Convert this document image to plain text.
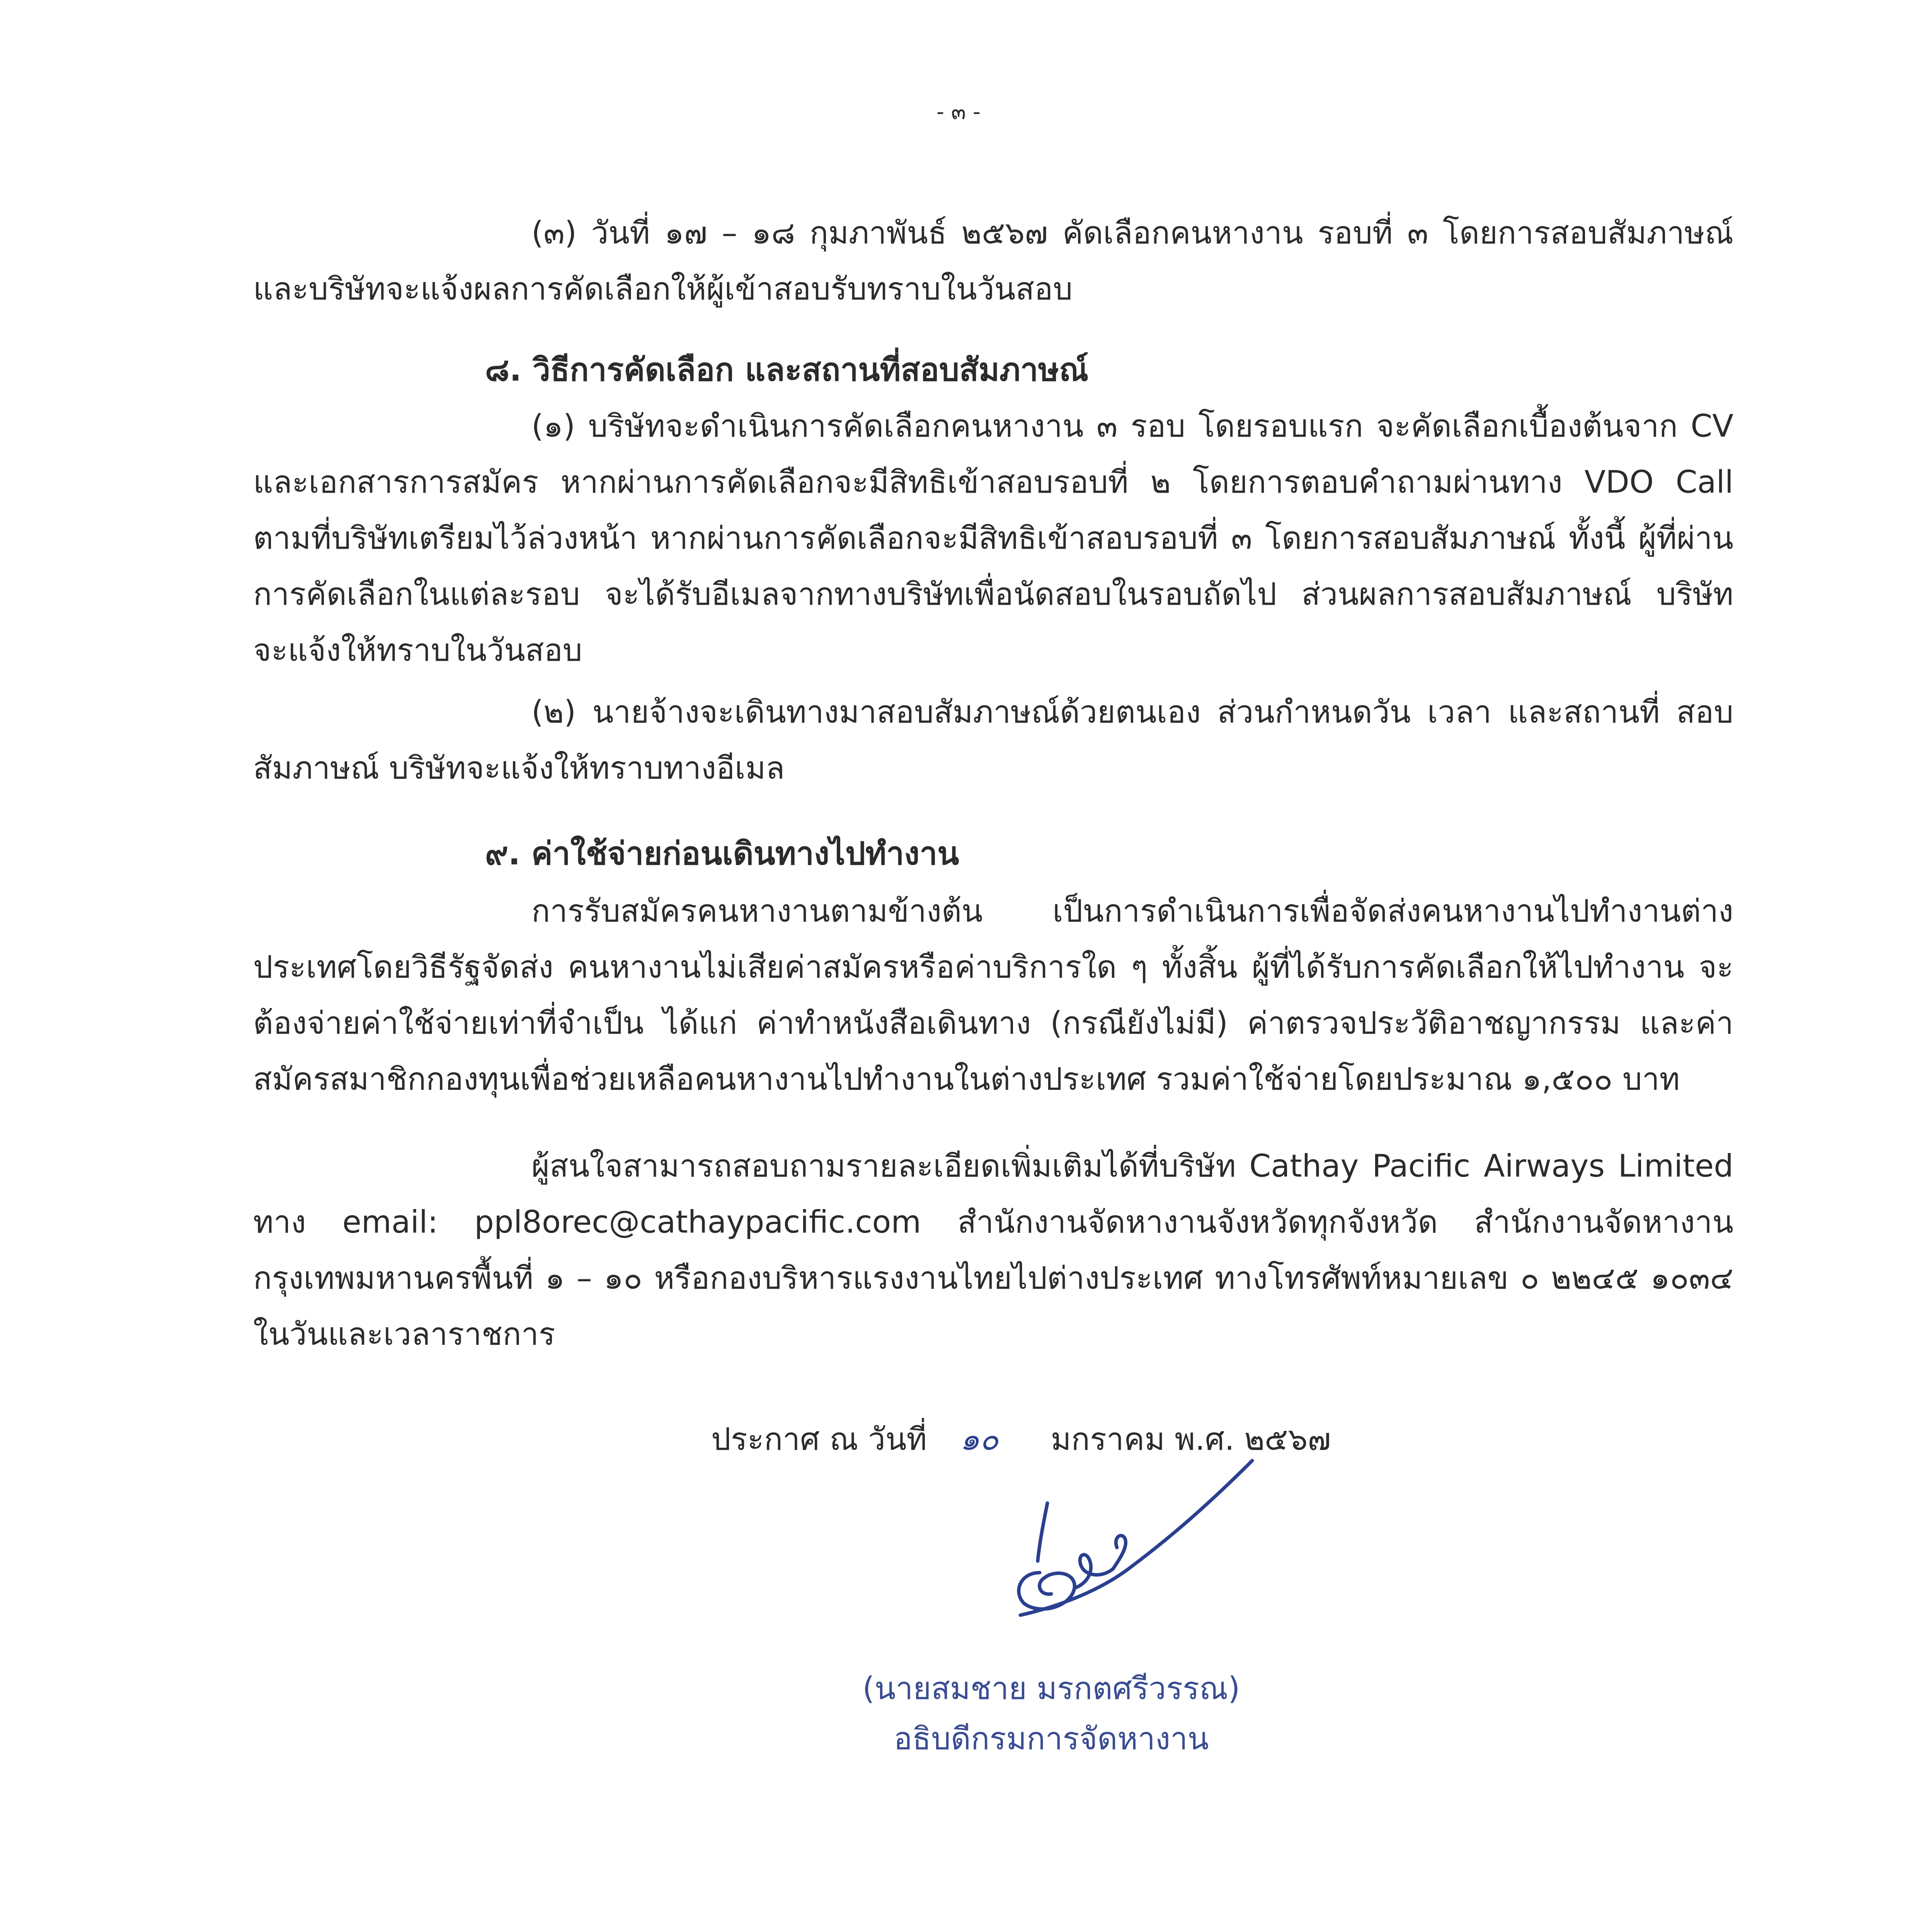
- ๓ -

(๓) วันที่ ๑๗ – ๑๘ กุมภาพันธ์ ๒๕๖๗ คัดเลือกคนหางาน รอบที่ ๓ โดยการสอบสัมภาษณ์ และบริษัทจะแจ้งผลการคัดเลือกให้ผู้เข้าสอบรับทราบในวันสอบ

๘. วิธีการคัดเลือก และสถานที่สอบสัมภาษณ์

(๑) บริษัทจะดำเนินการคัดเลือกคนหางาน ๓ รอบ โดยรอบแรก จะคัดเลือกเบื้องต้นจาก CV และเอกสารการสมัคร หากผ่านการคัดเลือกจะมีสิทธิเข้าสอบรอบที่ ๒ โดยการตอบคำถามผ่านทาง VDO Call ตามที่บริษัทเตรียมไว้ล่วงหน้า หากผ่านการคัดเลือกจะมีสิทธิเข้าสอบรอบที่ ๓ โดยการสอบสัมภาษณ์ ทั้งนี้ ผู้ที่ผ่านการคัดเลือกในแต่ละรอบ จะได้รับอีเมลจากทางบริษัทเพื่อนัดสอบในรอบถัดไป ส่วนผลการสอบสัมภาษณ์ บริษัทจะแจ้งให้ทราบในวันสอบ

(๒) นายจ้างจะเดินทางมาสอบสัมภาษณ์ด้วยตนเอง ส่วนกำหนดวัน เวลา และสถานที่ สอบสัมภาษณ์ บริษัทจะแจ้งให้ทราบทางอีเมล

๙. ค่าใช้จ่ายก่อนเดินทางไปทำงาน

การรับสมัครคนหางานตามข้างต้น เป็นการดำเนินการเพื่อจัดส่งคนหางานไปทำงานต่างประเทศโดยวิธีรัฐจัดส่ง คนหางานไม่เสียค่าสมัครหรือค่าบริการใด ๆ ทั้งสิ้น ผู้ที่ได้รับการคัดเลือกให้ไปทำงาน จะต้องจ่ายค่าใช้จ่ายเท่าที่จำเป็น ได้แก่ ค่าทำหนังสือเดินทาง (กรณียังไม่มี) ค่าตรวจประวัติอาชญากรรม และค่าสมัครสมาชิกกองทุนเพื่อช่วยเหลือคนหางานไปทำงานในต่างประเทศ รวมค่าใช้จ่ายโดยประมาณ ๑,๕๐๐ บาท

ผู้สนใจสามารถสอบถามรายละเอียดเพิ่มเติมได้ที่บริษัท Cathay Pacific Airways Limited ทาง email: ppl8orec@cathaypacific.com สำนักงานจัดหางานจังหวัดทุกจังหวัด สำนักงานจัดหางานกรุงเทพมหานครพื้นที่ ๑ – ๑๐ หรือกองบริหารแรงงานไทยไปต่างประเทศ ทางโทรศัพท์หมายเลข ๐ ๒๒๔๕ ๑๐๓๔ ในวันและเวลาราชการ

ประกาศ ณ วันที่ ๑๐ มกราคม พ.ศ. ๒๕๖๗
(นายสมชาย มรกตศรีวรรณ)
อธิบดีกรมการจัดหางาน
